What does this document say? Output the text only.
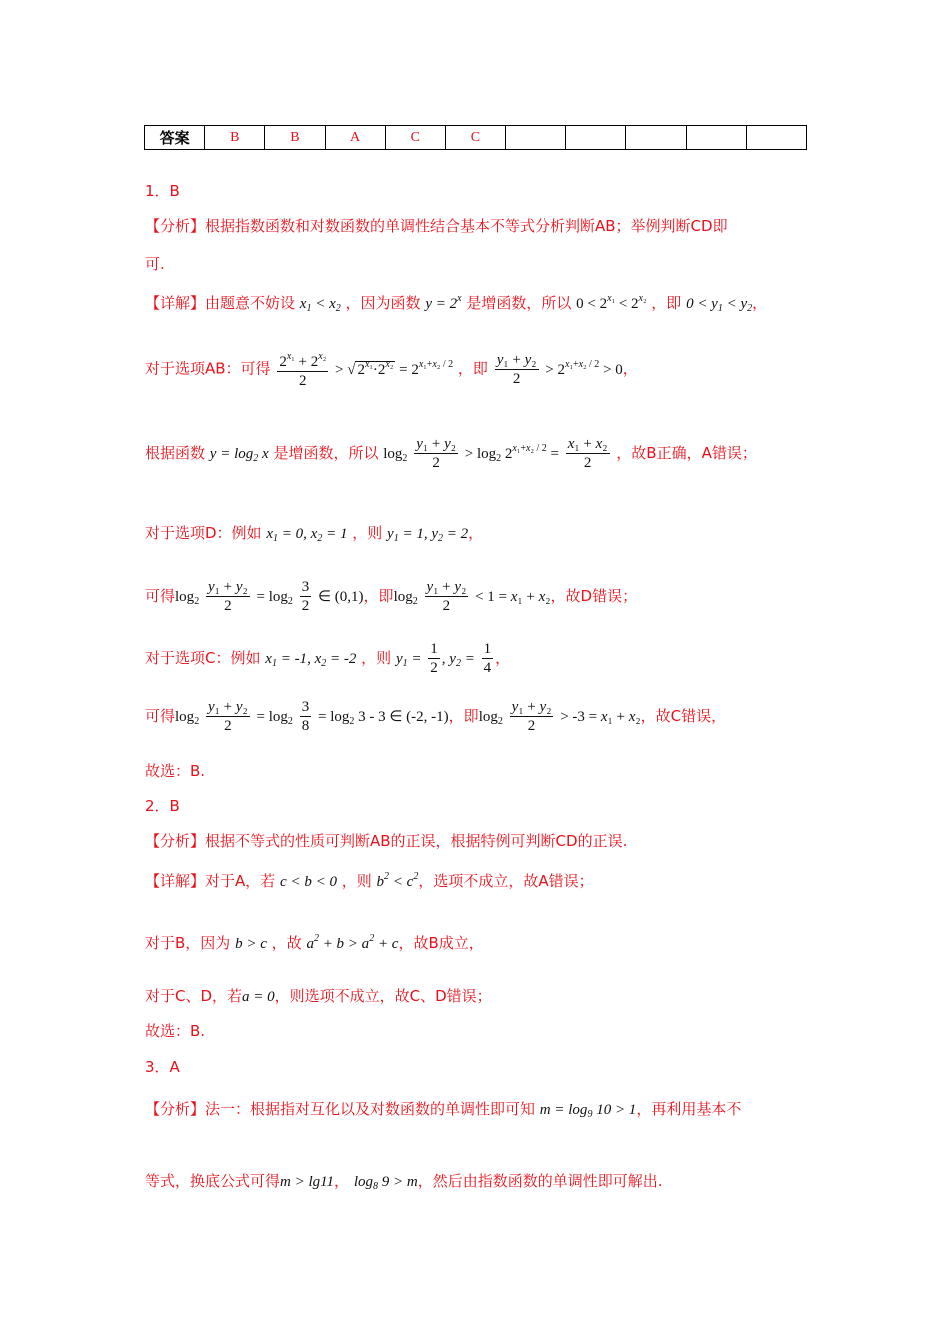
答案	B	B	A	C	C					
1．B
【分析】根据指数函数和对数函数的单调性结合基本不等式分析判断AB；举例判断CD即
可.
【详解】由题意不妨设 $x_1 < x_2$ ，因为函数 $y = 2^x$ 是增函数，所以 $0 < 2^{x_1} < 2^{x_2}$ ，即 $0 < y_1 < y_2$，
对于选项AB：可得 $\frac{2^{x_1} + 2^{x_2}}{2}$ > √ $2^{x_1}\cdot 2^{x_2} = 2^{x_1+x_2 / 2}$ ，即 $\frac{\text{y₁ + y₂}}{2} > 2^{x_1+x_2 / 2} > 0$，
根据函数 $y = \log_2 x$ 是增函数，所以 $\log_2 \frac{\text{y₁ + y₂}}{2} > \log_2 2^{x_1+x_2 / 2} = \frac{\text{x₁ + x₂}}{2}$ ，故B正确，A错误；
对于选项D：例如 $x_1 = 0$, $x_2 = 1$ ，则 $y_1 = 1$, $y_2 = 2$，
可得$\log_2 \frac{\text{y₁ + y₂}}{2} = \log_2 \frac{3}{2}$ ∈ (0,1)，即$\log_2 \frac{\text{y₁ + y₂}}{2} < 1 = x_1 + x_2$，故D错误；
对于选项C：例如 $x_1 = -1$, $x_2 = -2$ ，则 $y_1 = \frac{1}{2}$ , $y_2 = \frac{1}{4}$ ，
可得$\log_2 \frac{\text{y₁ + y₂}}{2} = \log_2 \frac{3}{8} = \log_2 3 - 3$ ∈ (-2, -1)，即$\log_2 \frac{\text{y₁ + y₂}}{2} > -3 = x_1 + x_2$，故C错误，
故选：B.
2．B
【分析】根据不等式的性质可判断AB的正误，根据特例可判断CD的正误.
【详解】对于A，若 c < b < 0 ，则 $b^2 < c^2$，选项不成立，故A错误；
对于B，因为 b > c ，故 $a^2 + b > a^2 + c$，故B成立，
对于C、D，若a = 0，则选项不成立，故C、D错误；
故选：B.
3．A
【分析】法一：根据指对互化以及对数函数的单调性即可知 $m = \log_9 10 > 1$，再利用基本不
等式，换底公式可得m > lg11， $\log_8 9 > m$，然后由指数函数的单调性即可解出.
